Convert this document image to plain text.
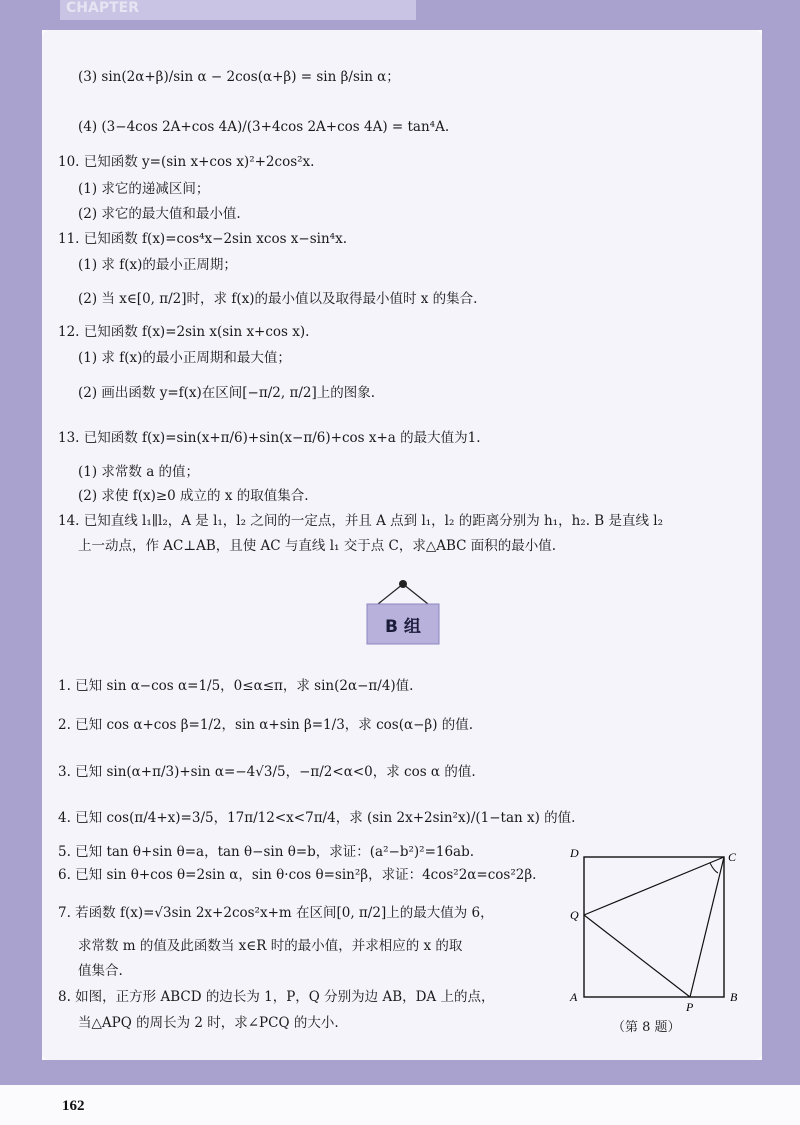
CHAPTER
(3) sin(2α+β)/sin α − 2cos(α+β) = sin β/sin α；
(4) (3−4cos 2A+cos 4A)/(3+4cos 2A+cos 4A) = tan⁴A.
10. 已知函数 y=(sin x+cos x)²+2cos²x.
(1) 求它的递减区间；
(2) 求它的最大值和最小值.
11. 已知函数 f(x)=cos⁴x−2sin xcos x−sin⁴x.
(1) 求 f(x)的最小正周期；
(2) 当 x∈[0, π/2]时，求 f(x)的最小值以及取得最小值时 x 的集合.
12. 已知函数 f(x)=2sin x(sin x+cos x).
(1) 求 f(x)的最小正周期和最大值；
(2) 画出函数 y=f(x)在区间[−π/2, π/2]上的图象.
13. 已知函数 f(x)=sin(x+π/6)+sin(x−π/6)+cos x+a 的最大值为1.
(1) 求常数 a 的值；
(2) 求使 f(x)≥0 成立的 x 的取值集合.
14. 已知直线 l₁∥l₂，A 是 l₁，l₂ 之间的一定点，并且 A 点到 l₁，l₂ 的距离分别为 h₁，h₂. B 是直线 l₂
上一动点，作 AC⊥AB，且使 AC 与直线 l₁ 交于点 C，求△ABC 面积的最小值.
B 组
1. 已知 sin α−cos α=1/5，0≤α≤π，求 sin(2α−π/4)值.
2. 已知 cos α+cos β=1/2，sin α+sin β=1/3，求 cos(α−β) 的值.
3. 已知 sin(α+π/3)+sin α=−4√3/5，−π/2<α<0，求 cos α 的值.
4. 已知 cos(π/4+x)=3/5，17π/12<x<7π/4，求 (sin 2x+2sin²x)/(1−tan x) 的值.
5. 已知 tan θ+sin θ=a，tan θ−sin θ=b，求证：(a²−b²)²=16ab.
6. 已知 sin θ+cos θ=2sin α，sin θ·cos θ=sin²β，求证：4cos²2α=cos²2β.
7. 若函数 f(x)=√3sin 2x+2cos²x+m 在区间[0, π/2]上的最大值为 6，
求常数 m 的值及此函数当 x∈R 时的最小值，并求相应的 x 的取
值集合.
8. 如图，正方形 ABCD 的边长为 1，P，Q 分别为边 AB，DA 上的点，
当△APQ 的周长为 2 时，求∠PCQ 的大小.
D	C
Q
A
P
B
（第 8 题）
162
